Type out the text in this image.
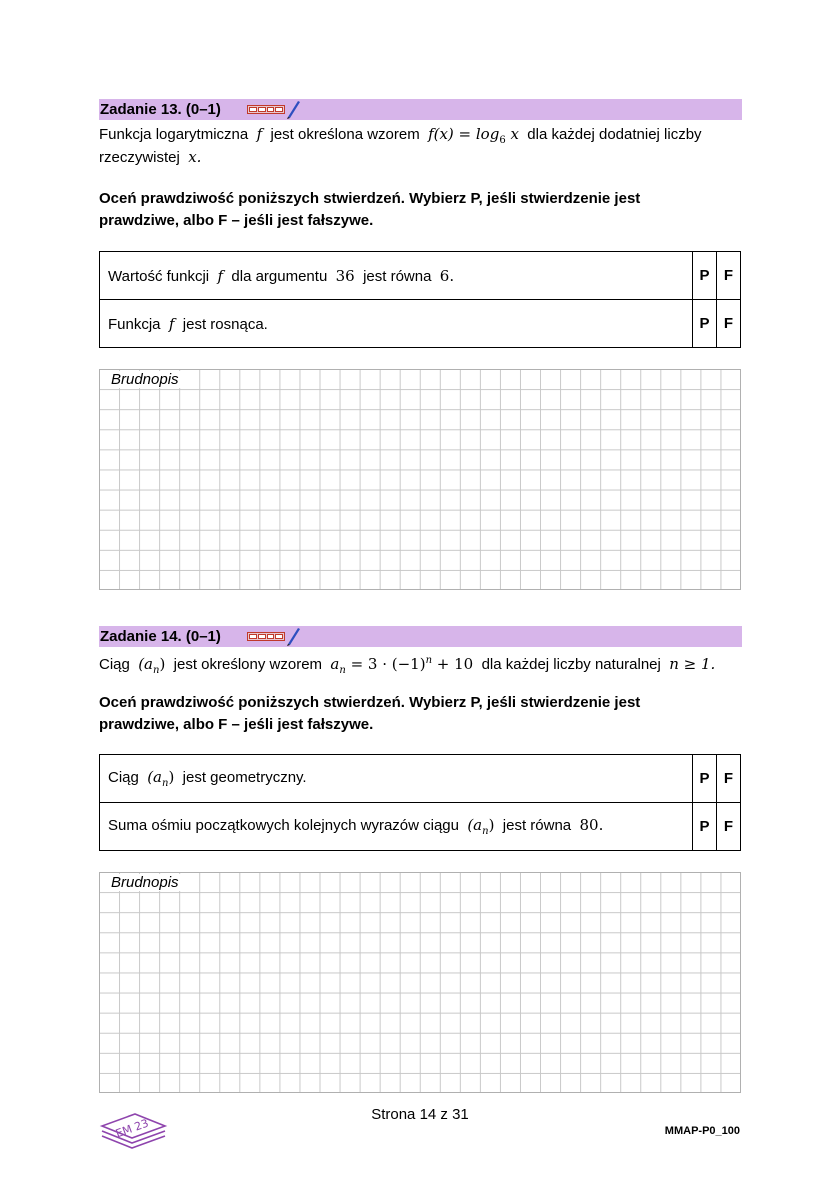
Zadanie 13. (0–1)
Funkcja logarytmiczna f jest określona wzorem $f(x) = \log_6 x$ dla każdej dodatniej liczby
rzeczywistej x.
Oceń prawdziwość poniższych stwierdzeń. Wybierz P, jeśli stwierdzenie jest
prawdziwe, albo F – jeśli jest fałszywe.
Wartość funkcji f dla argumentu 36 jest równa 6.	P	F
Funkcja f jest rosnąca.	P	F
Brudnopis
Zadanie 14. (0–1)
Ciąg $(a_n)$ jest określony wzorem $a_n = 3 \cdot (-1)^n + 10$ dla każdej liczby naturalnej n ≥ 1.
Oceń prawdziwość poniższych stwierdzeń. Wybierz P, jeśli stwierdzenie jest
prawdziwe, albo F – jeśli jest fałszywe.
Ciąg $(a_n)$ jest geometryczny.	P	F
Suma ośmiu początkowych kolejnych wyrazów ciągu $(a_n)$ jest równa 80.	P	F
Brudnopis
EM 23
Strona 14 z 31
MMAP-P0_100
